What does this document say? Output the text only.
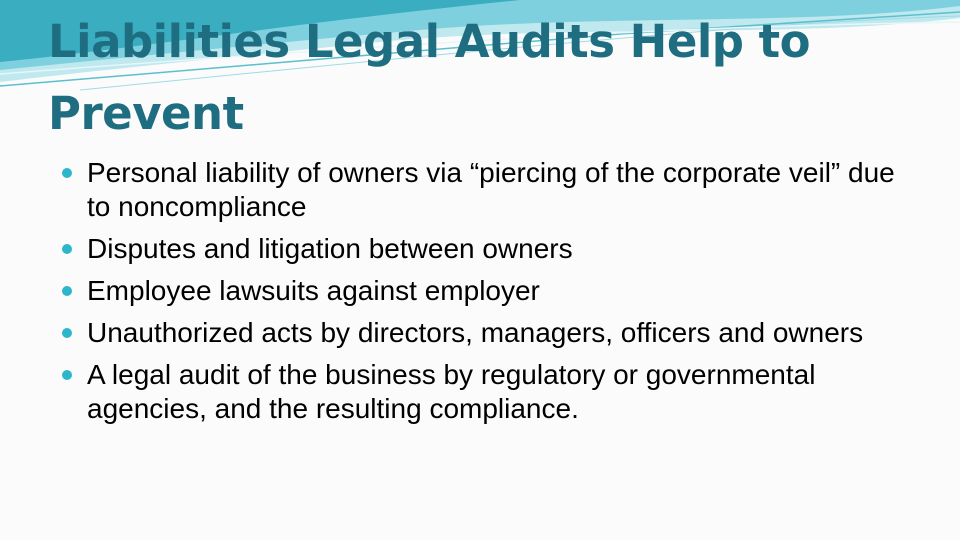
Liabilities Legal Audits Help to Prevent
Personal liability of owners via “piercing of the corporate veil” due to noncompliance
Disputes and litigation between owners
Employee lawsuits against employer
Unauthorized acts by directors, managers, officers and owners
A legal audit of the business by regulatory or governmental agencies, and the resulting compliance.
